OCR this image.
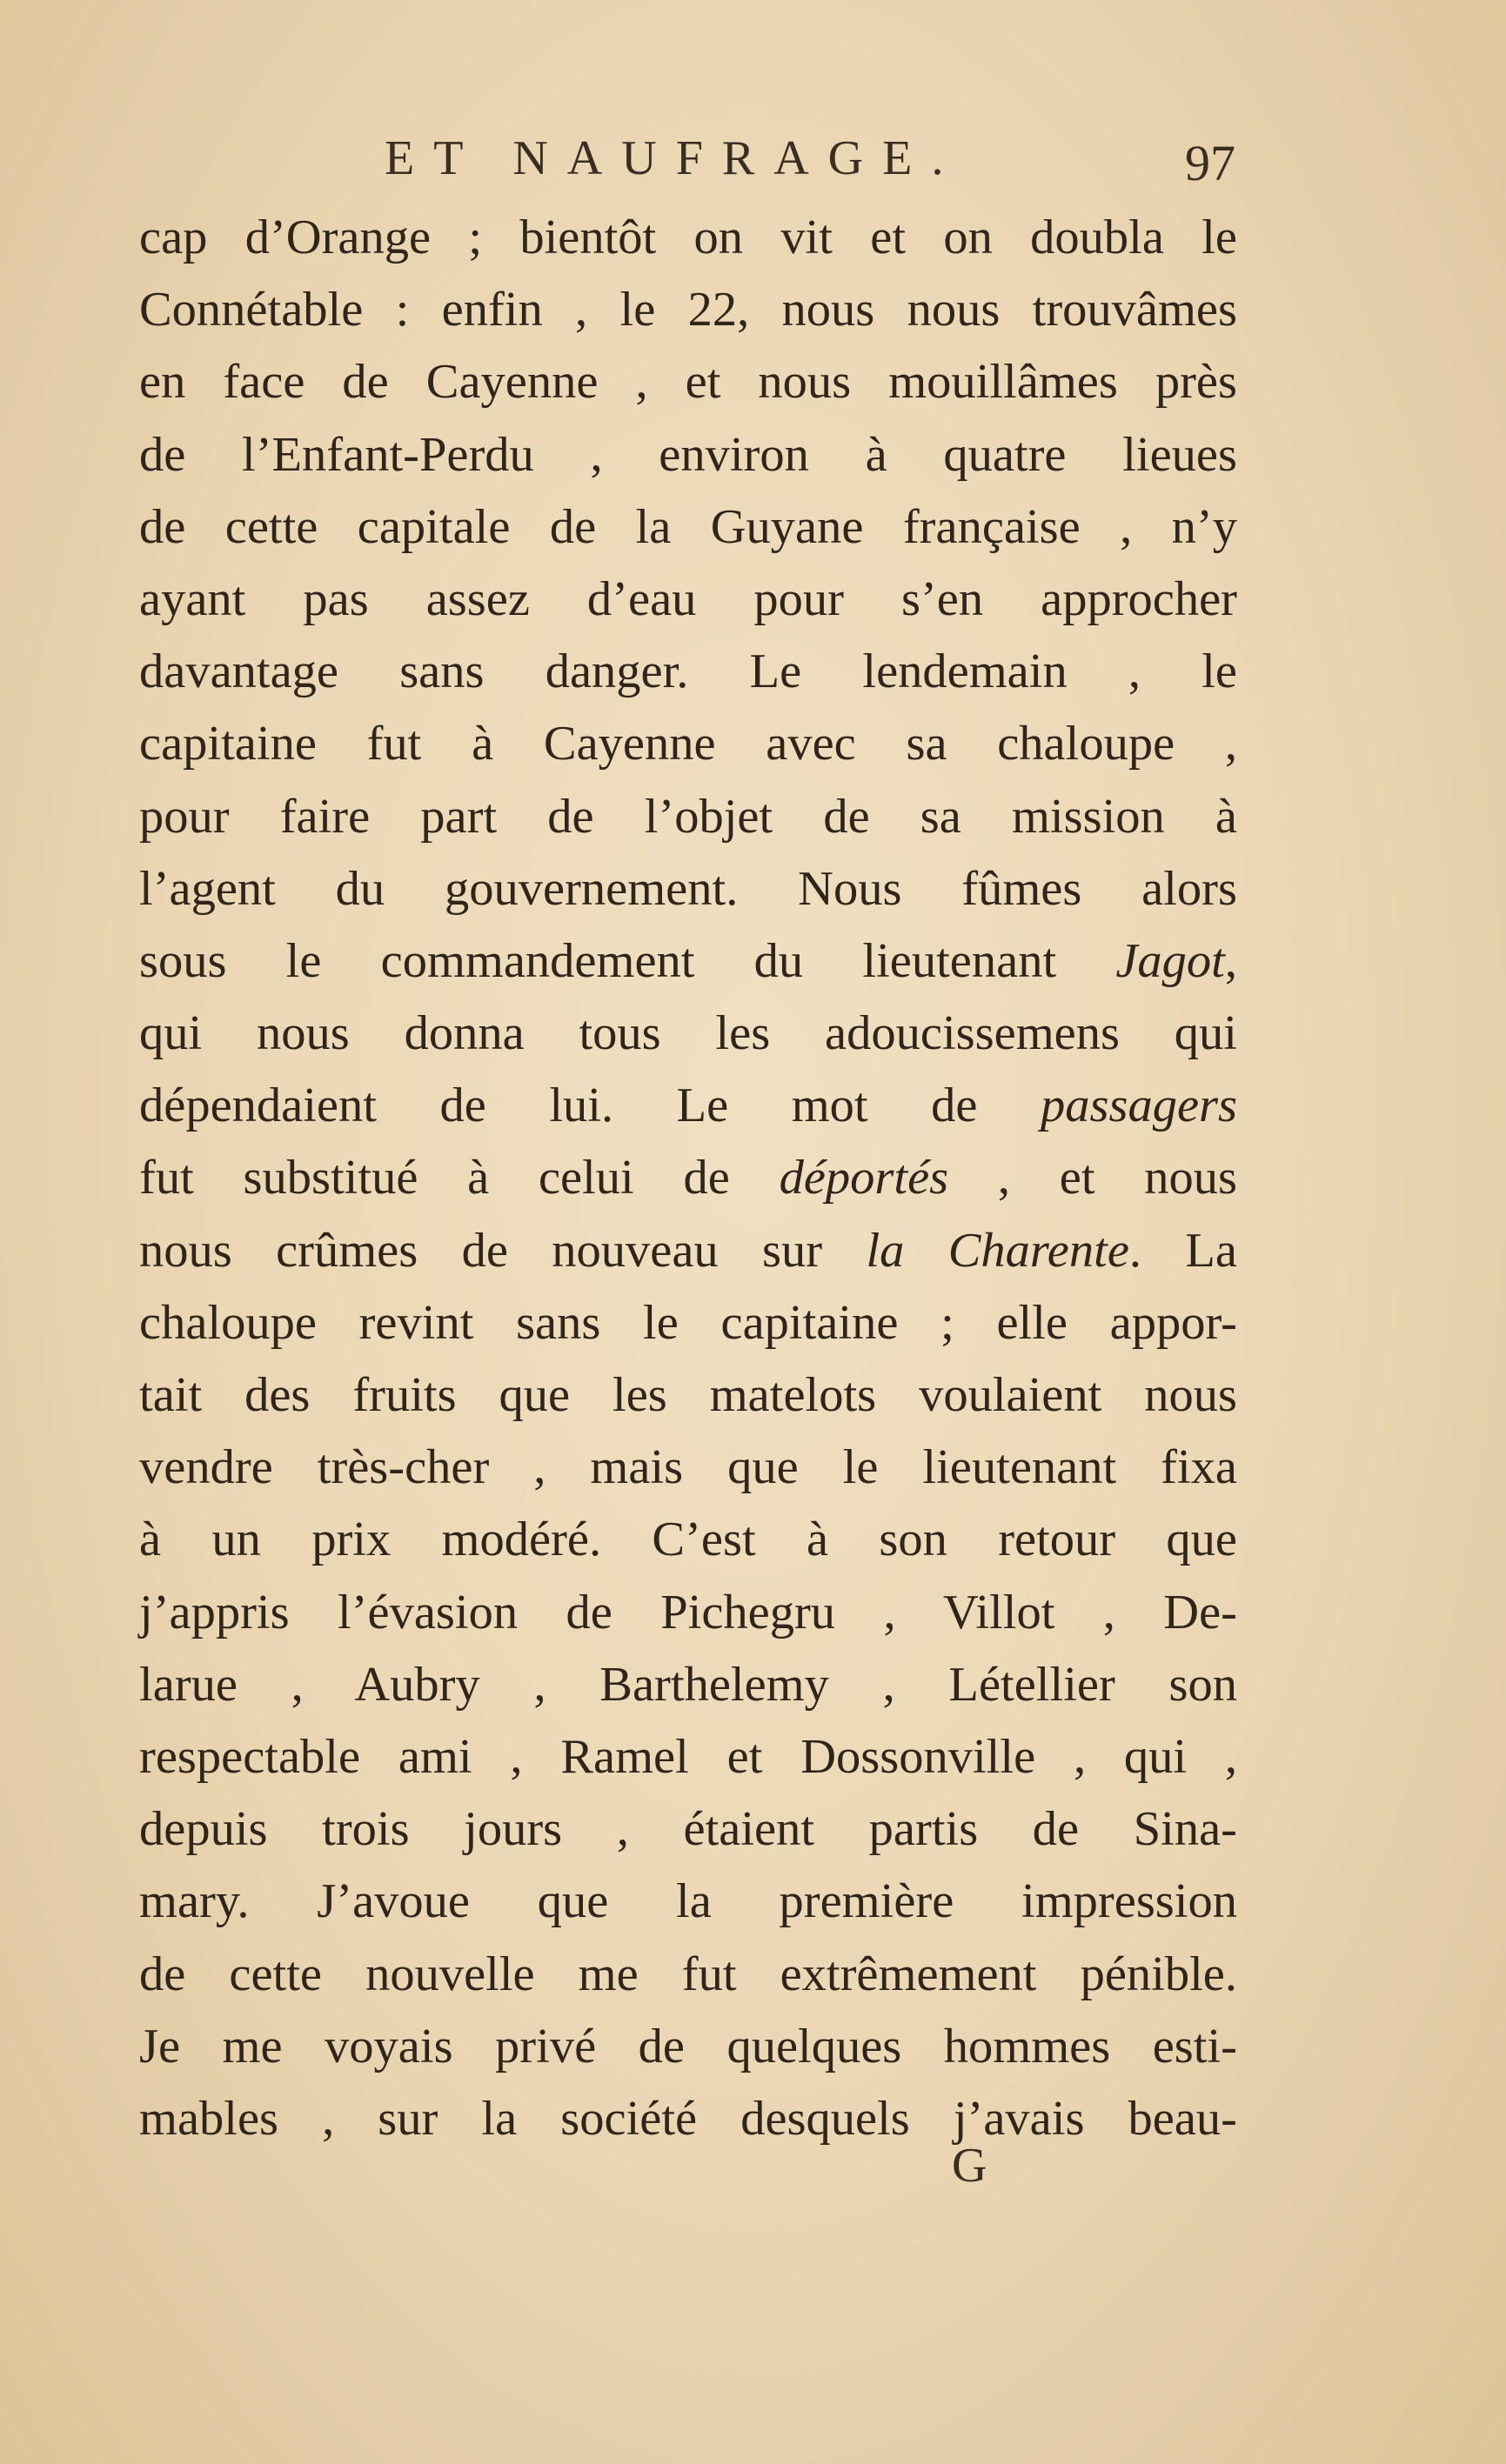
ET NAUFRAGE.	97
cap d’Orange ; bientôt on vit et on doubla le
Connétable : enfin , le 22, nous nous trouvâmes
en face de Cayenne , et nous mouillâmes près
de l’Enfant-Perdu , environ à quatre lieues
de cette capitale de la Guyane française , n’y
ayant pas assez d’eau pour s’en approcher
davantage sans danger. Le lendemain , le
capitaine fut à Cayenne avec sa chaloupe ,
pour faire part de l’objet de sa mission à
l’agent du gouvernement. Nous fûmes alors
sous le commandement du lieutenant Jagot,
qui nous donna tous les adoucissemens qui
dépendaient de lui. Le mot de passagers
fut substitué à celui de déportés , et nous
nous crûmes de nouveau sur la Charente. La
chaloupe revint sans le capitaine ; elle appor-
tait des fruits que les matelots voulaient nous
vendre très-cher , mais que le lieutenant fixa
à un prix modéré. C’est à son retour que
j’appris l’évasion de Pichegru , Villot , De-
larue , Aubry , Barthelemy , Létellier son
respectable ami , Ramel et Dossonville , qui ,
depuis trois jours , étaient partis de Sina-
mary. J’avoue que la première impression
de cette nouvelle me fut extrêmement pénible.
Je me voyais privé de quelques hommes esti-
mables , sur la société desquels j’avais beau-
G
